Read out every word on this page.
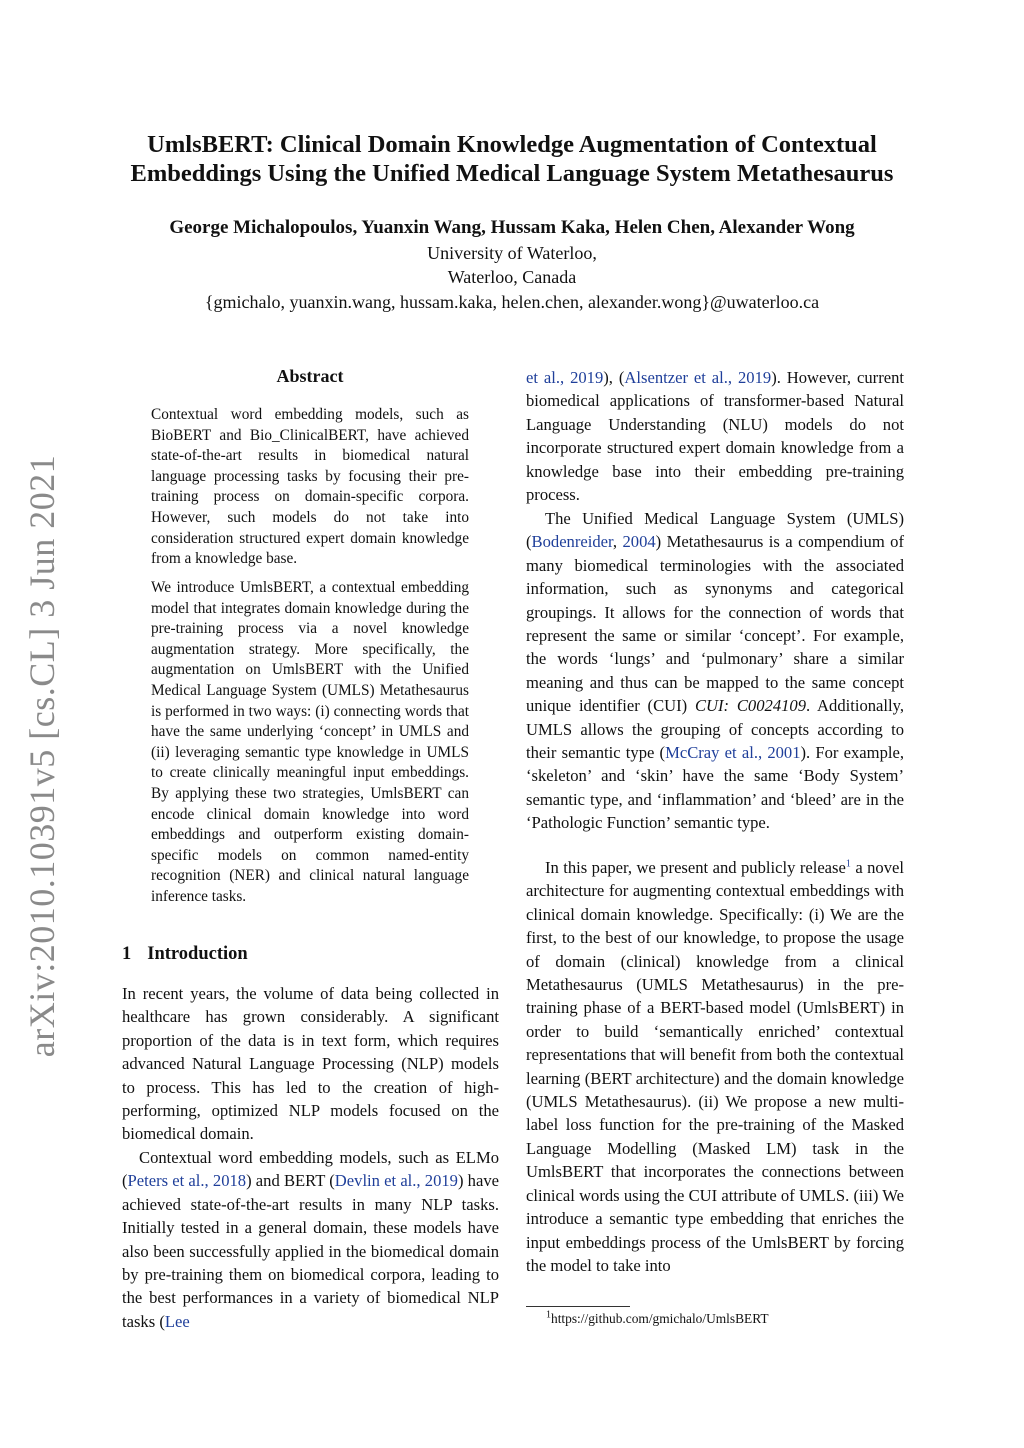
arXiv:2010.10391v5 [cs.CL] 3 Jun 2021
UmlsBERT: Clinical Domain Knowledge Augmentation of Contextual
Embeddings Using the Unified Medical Language System Metathesaurus
George Michalopoulos, Yuanxin Wang, Hussam Kaka, Helen Chen, Alexander Wong
University of Waterloo,
Waterloo, Canada
{gmichalo, yuanxin.wang, hussam.kaka, helen.chen, alexander.wong}@uwaterloo.ca
Abstract

Contextual word embedding models, such as BioBERT and Bio_ClinicalBERT, have achieved state-of-the-art results in biomedical natural language processing tasks by focusing their pre-training process on domain-specific corpora. However, such models do not take into consideration structured expert domain knowledge from a knowledge base.

We introduce UmlsBERT, a contextual embedding model that integrates domain knowledge during the pre-training process via a novel knowledge augmentation strategy. More specifically, the augmentation on UmlsBERT with the Unified Medical Language System (UMLS) Metathesaurus is performed in two ways: (i) connecting words that have the same underlying ‘concept’ in UMLS and (ii) leveraging semantic type knowledge in UMLS to create clinically meaningful input embeddings. By applying these two strategies, UmlsBERT can encode clinical domain knowledge into word embeddings and outperform existing domain-specific models on common named-entity recognition (NER) and clinical natural language inference tasks.

1 Introduction

In recent years, the volume of data being collected in healthcare has grown considerably. A significant proportion of the data is in text form, which requires advanced Natural Language Processing (NLP) models to process. This has led to the creation of high-performing, optimized NLP models focused on the biomedical domain.

Contextual word embedding models, such as ELMo (Peters et al., 2018) and BERT (Devlin et al., 2019) have achieved state-of-the-art results in many NLP tasks. Initially tested in a general domain, these models have also been successfully applied in the biomedical domain by pre-training them on biomedical corpora, leading to the best performances in a variety of biomedical NLP tasks (Lee

et al., 2019), (Alsentzer et al., 2019). However, current biomedical applications of transformer-based Natural Language Understanding (NLU) models do not incorporate structured expert domain knowledge from a knowledge base into their embedding pre-training process.

The Unified Medical Language System (UMLS) (Bodenreider, 2004) Metathesaurus is a compendium of many biomedical terminologies with the associated information, such as synonyms and categorical groupings. It allows for the connection of words that represent the same or similar ‘concept’. For example, the words ‘lungs’ and ‘pulmonary’ share a similar meaning and thus can be mapped to the same concept unique identifier (CUI) CUI: C0024109. Additionally, UMLS allows the grouping of concepts according to their semantic type (McCray et al., 2001). For example, ‘skeleton’ and ‘skin’ have the same ‘Body System’ semantic type, and ‘inflammation’ and ‘bleed’ are in the ‘Pathologic Function’ semantic type.

In this paper, we present and publicly release$^1$ a novel architecture for augmenting contextual embeddings with clinical domain knowledge. Specifically: (i) We are the first, to the best of our knowledge, to propose the usage of domain (clinical) knowledge from a clinical Metathesaurus (UMLS Metathesaurus) in the pre-training phase of a BERT-based model (UmlsBERT) in order to build ‘semantically enriched’ contextual representations that will benefit from both the contextual learning (BERT architecture) and the domain knowledge (UMLS Metathesaurus). (ii) We propose a new multi-label loss function for the pre-training of the Masked Language Modelling (Masked LM) task in the UmlsBERT that incorporates the connections between clinical words using the CUI attribute of UMLS. (iii) We introduce a semantic type embedding that enriches the input embeddings process of the UmlsBERT by forcing the model to take into

$^1$https://github.com/gmichalo/UmlsBERT
